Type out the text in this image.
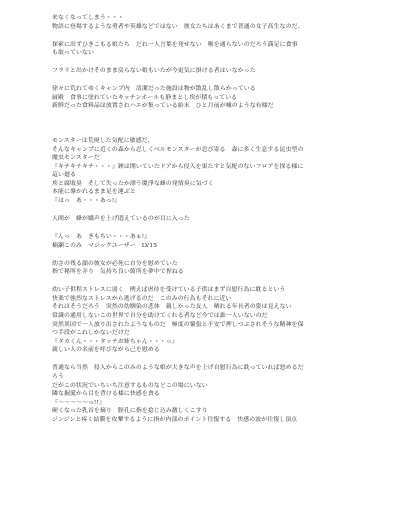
来なくなってしまう・・・
物語に登場するような勇者や英雄などではない　彼女たちはあくまで普通の女子高生なのだ、
探索に出ずひきこもる娘たち　だれ一人言葉を発せない　喉を通らないのだろう満足に食事
も取っていない
フラリと出かけそのまま戻らない娘もいたが今更気に掛ける者はいなかった
徐々に荒れてゆくキャンプ内　清潔だった施設は物が散乱し散らかっている
厨殿　食事に塗れていたキッチンホールも静まとし埃が積もっている
新鮮だった食料品は放置されハエが集っている始末　ひと月前が嘘のような有様だ
モンスターは荒廃した気配に敏感だ、
そんなキャンプに近くの森から忍しくべルモンスターが忍び寄る　森に多く生息する昆虫型の
魔虫モンスターだ
『キチキチキチ・・・』鋏は開いていたドアから侵入を果たすと気配のないフロアを探る様に
這い廻る
埃と腐敗臭　そして失ったか漂う慶淨な蜂の発情臭に気づく
本能に導かれるまま足を運ぶと
『はっ　あ・・・あっ!』
人間が　蜂が嬌声を上げ悶えているのが目に入った
『んっ　あ　きもちい・・・あぁ!』
楠瀬このみ　マジックユーザー　LV15
幼さの残る顔の彼女が必死に自分を慰めていた
指で秘所を弄り　気持ち良い箇所を夢中で捏ねる
幼い子供程ストレスに弱く　例えば虐待を受けている子供はまず自慰行為に耽るという
快楽で強烈なストレスから逃げるのだ　このみの行為もそれに近い
それはそうだろう　突然の幼馴染の悲体　親しかった友人　晒れる年長者の姿は見えない
常識の通用しないこの世界で自分を助けてくれる者など今では誰一人いないのだ
突然異国で一人放り出されたようなものだ　極度の緊張と不安で押しつぶされそうな精神を保
つ手段がこれしかないだけだ
『タカくん・・・タッチお姉ちゃん・・・っ』
親しい人の名前を呼びながら己を慰める
普通なら当然　侵入からこのみのような娘が大きな声を上げ自慰行為に耽っていれば怒めるだ
ろう
だがこの状況でいちいち注意するものなどこの場にいない
隣な掘愛から目を背ける様に快感を貪る
『〜〜〜〜〜っ!!』
硬くなった乳首を摘り　膣孔に指を捻じ込み激しくこすり
ジンジンと疼く結膜を攻撃するように指が内部のポイント往復する　快感の波が往復し頂点
